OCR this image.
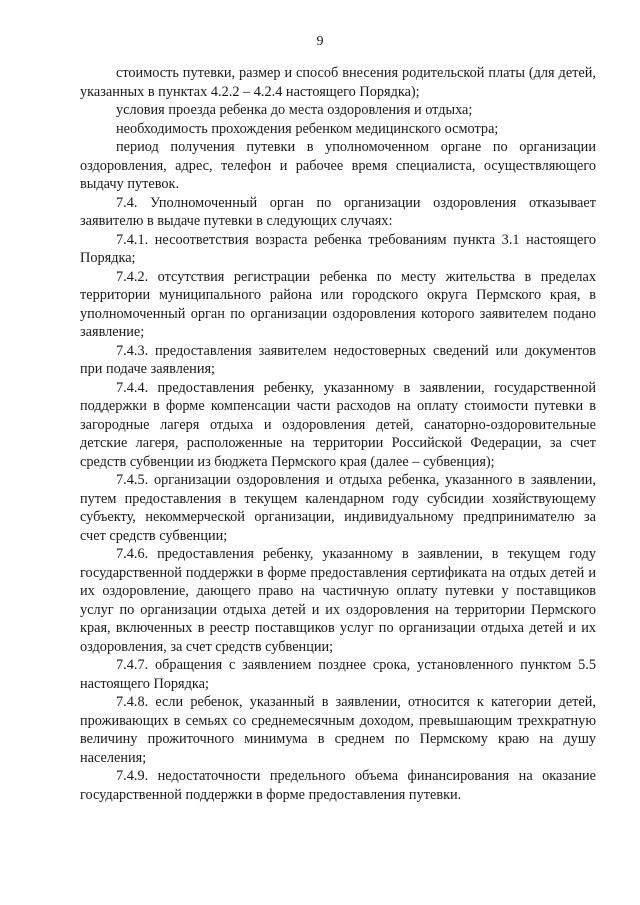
9

стоимость путевки, размер и способ внесения родительской платы (для детей, указанных в пунктах 4.2.2 – 4.2.4 настоящего Порядка);

условия проезда ребенка до места оздоровления и отдыха;

необходимость прохождения ребенком медицинского осмотра;

период получения путевки в уполномоченном органе по организации оздоровления, адрес, телефон и рабочее время специалиста, осуществляющего выдачу путевок.

7.4. Уполномоченный орган по организации оздоровления отказывает заявителю в выдаче путевки в следующих случаях:

7.4.1. несоответствия возраста ребенка требованиям пункта 3.1 настоящего Порядка;

7.4.2. отсутствия регистрации ребенка по месту жительства в пределах территории муниципального района или городского округа Пермского края, в уполномоченный орган по организации оздоровления которого заявителем подано заявление;

7.4.3. предоставления заявителем недостоверных сведений или документов при подаче заявления;

7.4.4. предоставления ребенку, указанному в заявлении, государственной поддержки в форме компенсации части расходов на оплату стоимости путевки в загородные лагеря отдыха и оздоровления детей, санаторно-оздоровительные детские лагеря, расположенные на территории Российской Федерации, за счет средств субвенции из бюджета Пермского края (далее – субвенция);

7.4.5. организации оздоровления и отдыха ребенка, указанного в заявлении, путем предоставления в текущем календарном году субсидии хозяйствующему субъекту, некоммерческой организации, индивидуальному предпринимателю за счет средств субвенции;

7.4.6. предоставления ребенку, указанному в заявлении, в текущем году государственной поддержки в форме предоставления сертификата на отдых детей и их оздоровление, дающего право на частичную оплату путевки у поставщиков услуг по организации отдыха детей и их оздоровления на территории Пермского края, включенных в реестр поставщиков услуг по организации отдыха детей и их оздоровления, за счет средств субвенции;

7.4.7. обращения с заявлением позднее срока, установленного пунктом 5.5 настоящего Порядка;

7.4.8. если ребенок, указанный в заявлении, относится к категории детей, проживающих в семьях со среднемесячным доходом, превышающим трехкратную величину прожиточного минимума в среднем по Пермскому краю на душу населения;

7.4.9. недостаточности предельного объема финансирования на оказание государственной поддержки в форме предоставления путевки.
